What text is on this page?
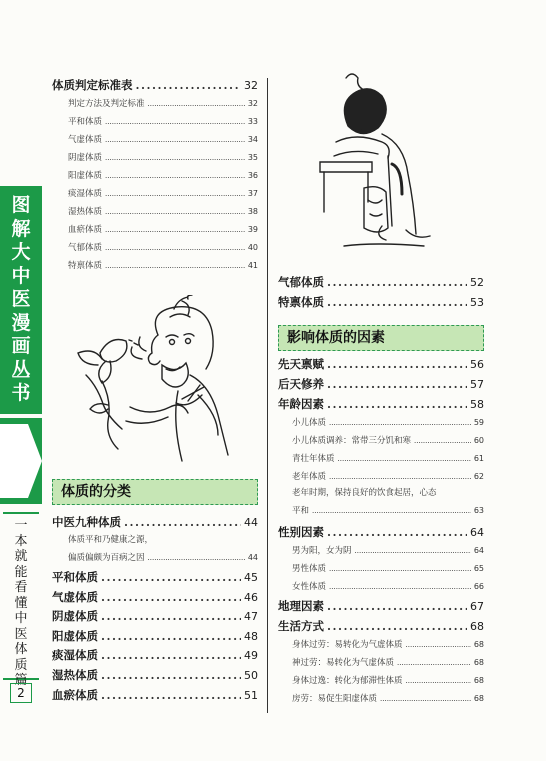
图
解
大
中
医
漫
画
丛
书
一
本
就
能
看
懂
中
医
体
质
篇
2
体质判定标准表 .....	32
判定方法及判定标准 .....	32
平和体质 .....	33
气虚体质 .....	34
阴虚体质 .....	35
阳虚体质 .....	36
痰湿体质 .....	37
湿热体质 .....	38
血瘀体质 .....	39
气郁体质 .....	40
特禀体质 .....	41
体质的分类
中医九种体质 .....	44
体质平和乃健康之源，
偏质偏颇为百病之因 .....	44
平和体质 .....	45
气虚体质 .....	46
阴虚体质 .....	47
阳虚体质 .....	48
痰湿体质 .....	49
湿热体质 .....	50
血瘀体质 .....	51
气郁体质 .....	52
特禀体质 .....	53
影响体质的因素
先天禀赋 .....	56
后天修养 .....	57
年龄因素 .....	58
小儿体质 .....	59
小儿体质调养：常带三分饥和寒 .....	60
青壮年体质 .....	61
老年体质 .....	62
老年时期，保持良好的饮食起居，心态
平和 .....	63
性别因素 .....	64
男为阳，女为阴 .....	64
男性体质 .....	65
女性体质 .....	66
地理因素 .....	67
生活方式 .....	68
身体过劳：易转化为气虚体质 .....	68
神过劳：易转化为气虚体质 .....	68
身体过逸：转化为郁滞性体质 .....	68
房劳：易促生阳虚体质 .....	68
